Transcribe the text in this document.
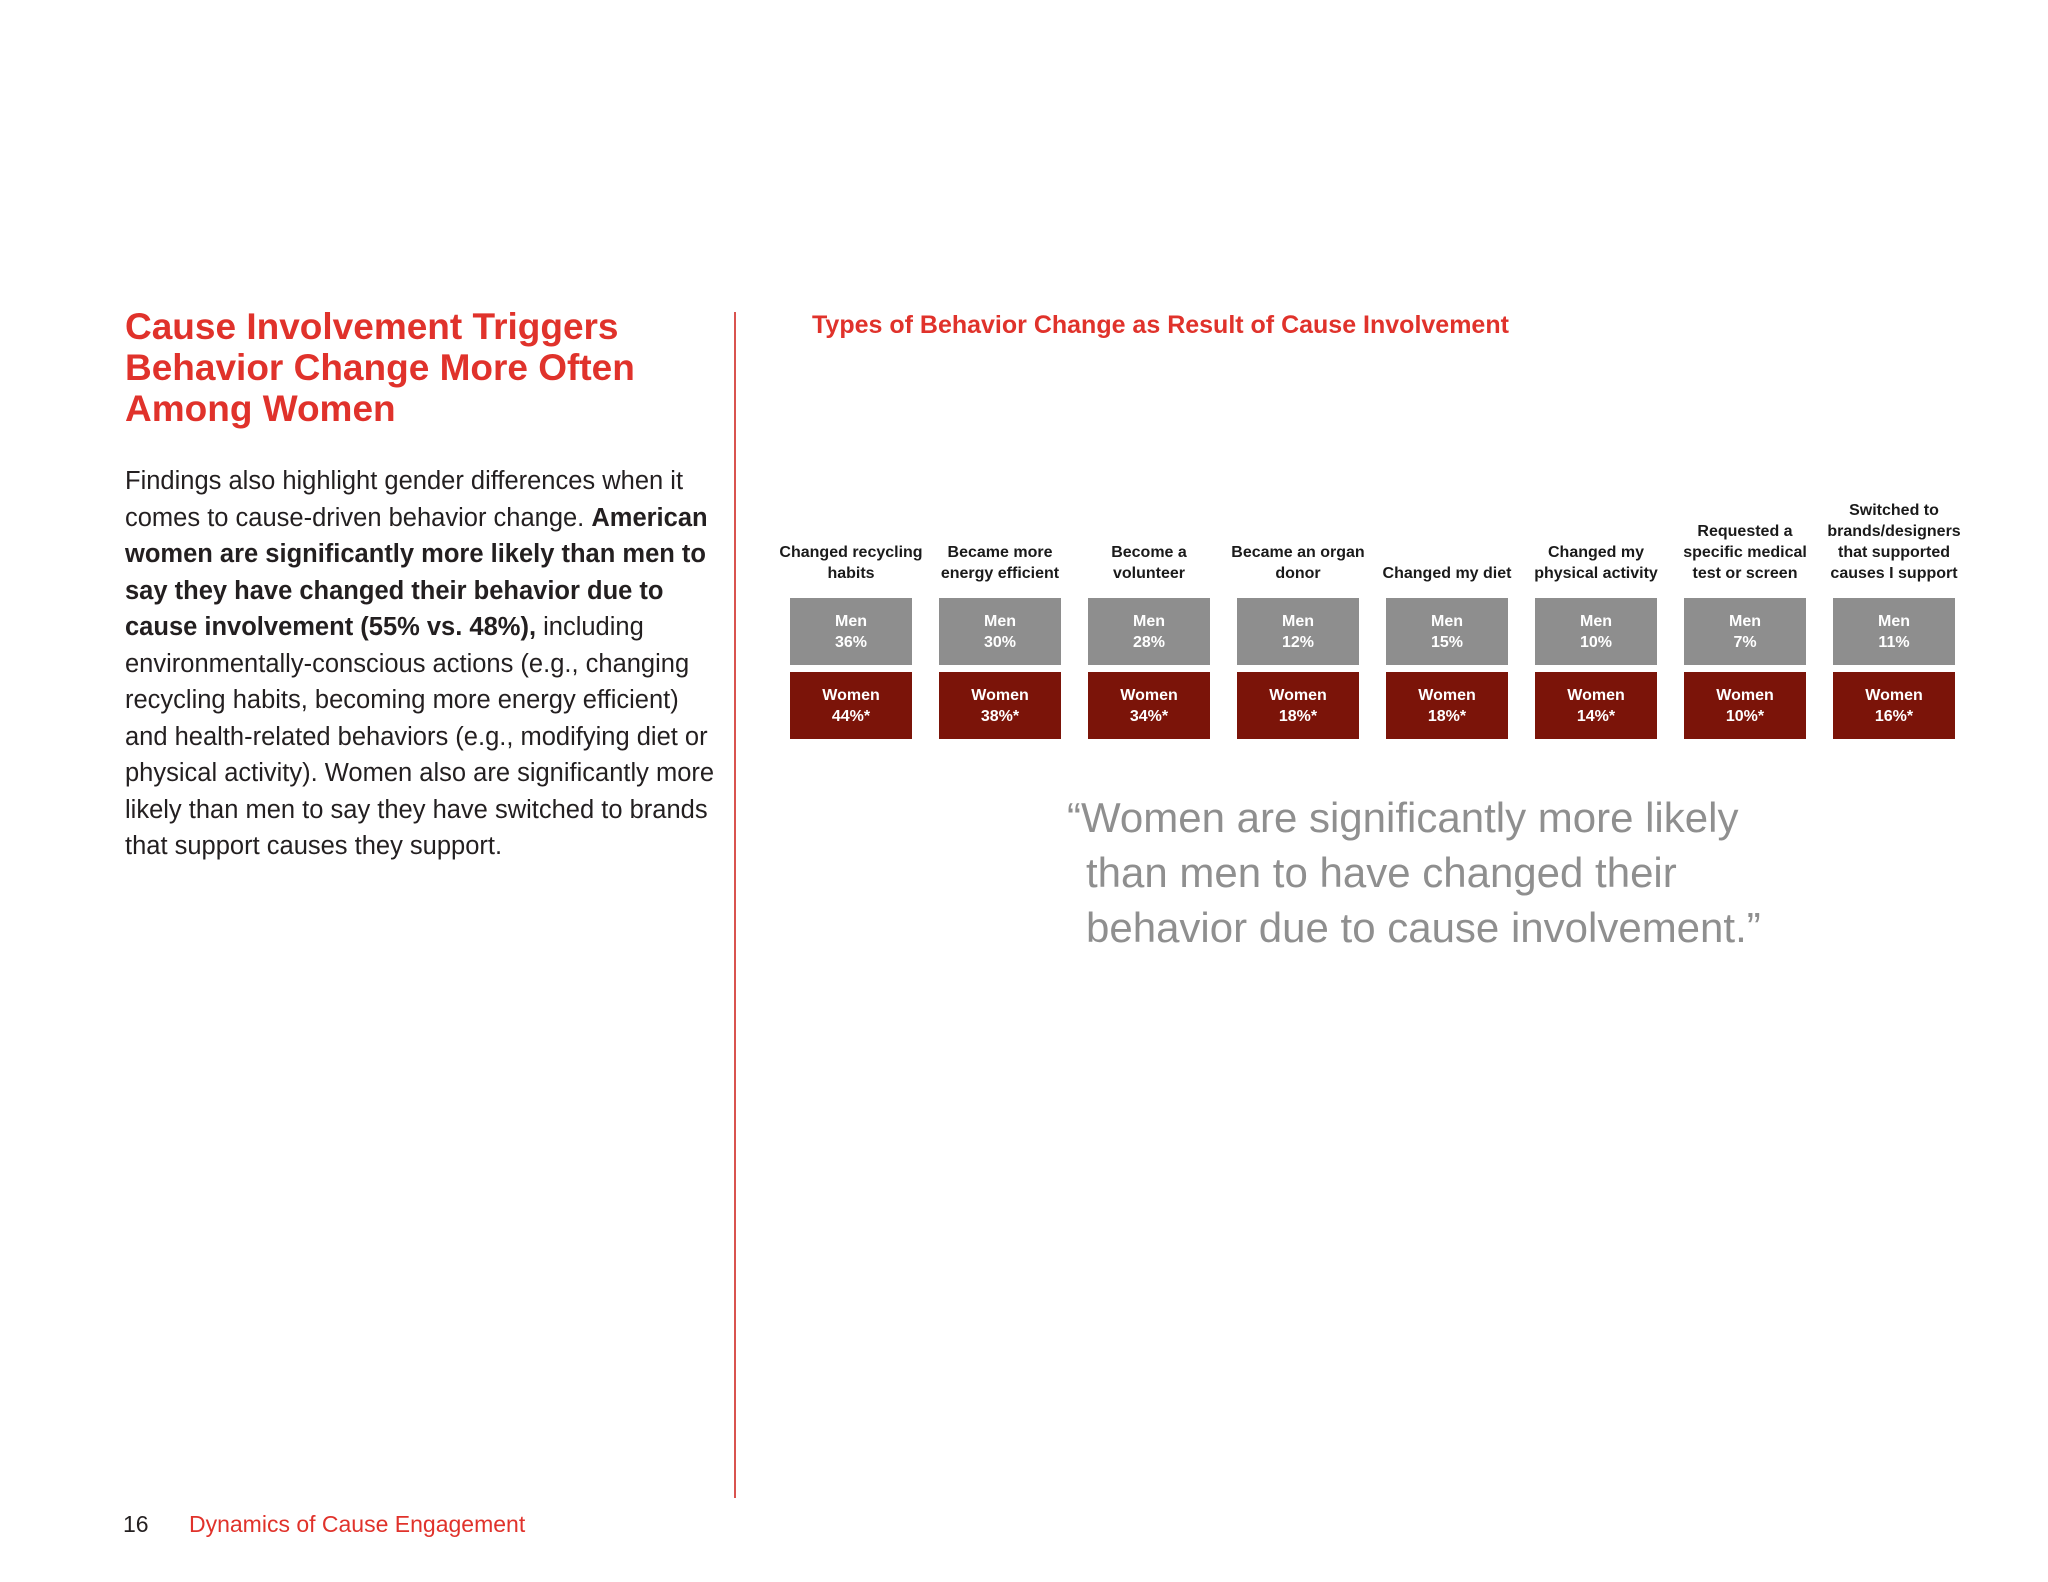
Cause Involvement Triggers Behavior Change More Often Among Women

Findings also highlight gender differences when it comes to cause-driven behavior change. American women are significantly more likely than men to say they have changed their behavior due to cause involvement (55% vs. 48%), including environmentally-conscious actions (e.g., changing recycling habits, becoming more energy efficient) and health-related behaviors (e.g., modifying diet or physical activity). Women also are significantly more likely than men to say they have switched to brands that support causes they support.

Types of Behavior Change as Result of Cause Involvement
Changed recycling habits
Men
36%
Women
44%*
Became more energy efficient
Men
30%
Women
38%*
Become a volunteer
Men
28%
Women
34%*
Became an organ donor
Men
12%
Women
18%*
Changed my diet
Men
15%
Women
18%*
Changed my physical activity
Men
10%
Women
14%*
Requested a specific medical test or screen
Men
7%
Women
10%*
Switched to brands/designers that supported causes I support
Men
11%
Women
16%*

“Women are significantly more likely than men to have changed their behavior due to cause involvement.”

16 Dynamics of Cause Engagement
